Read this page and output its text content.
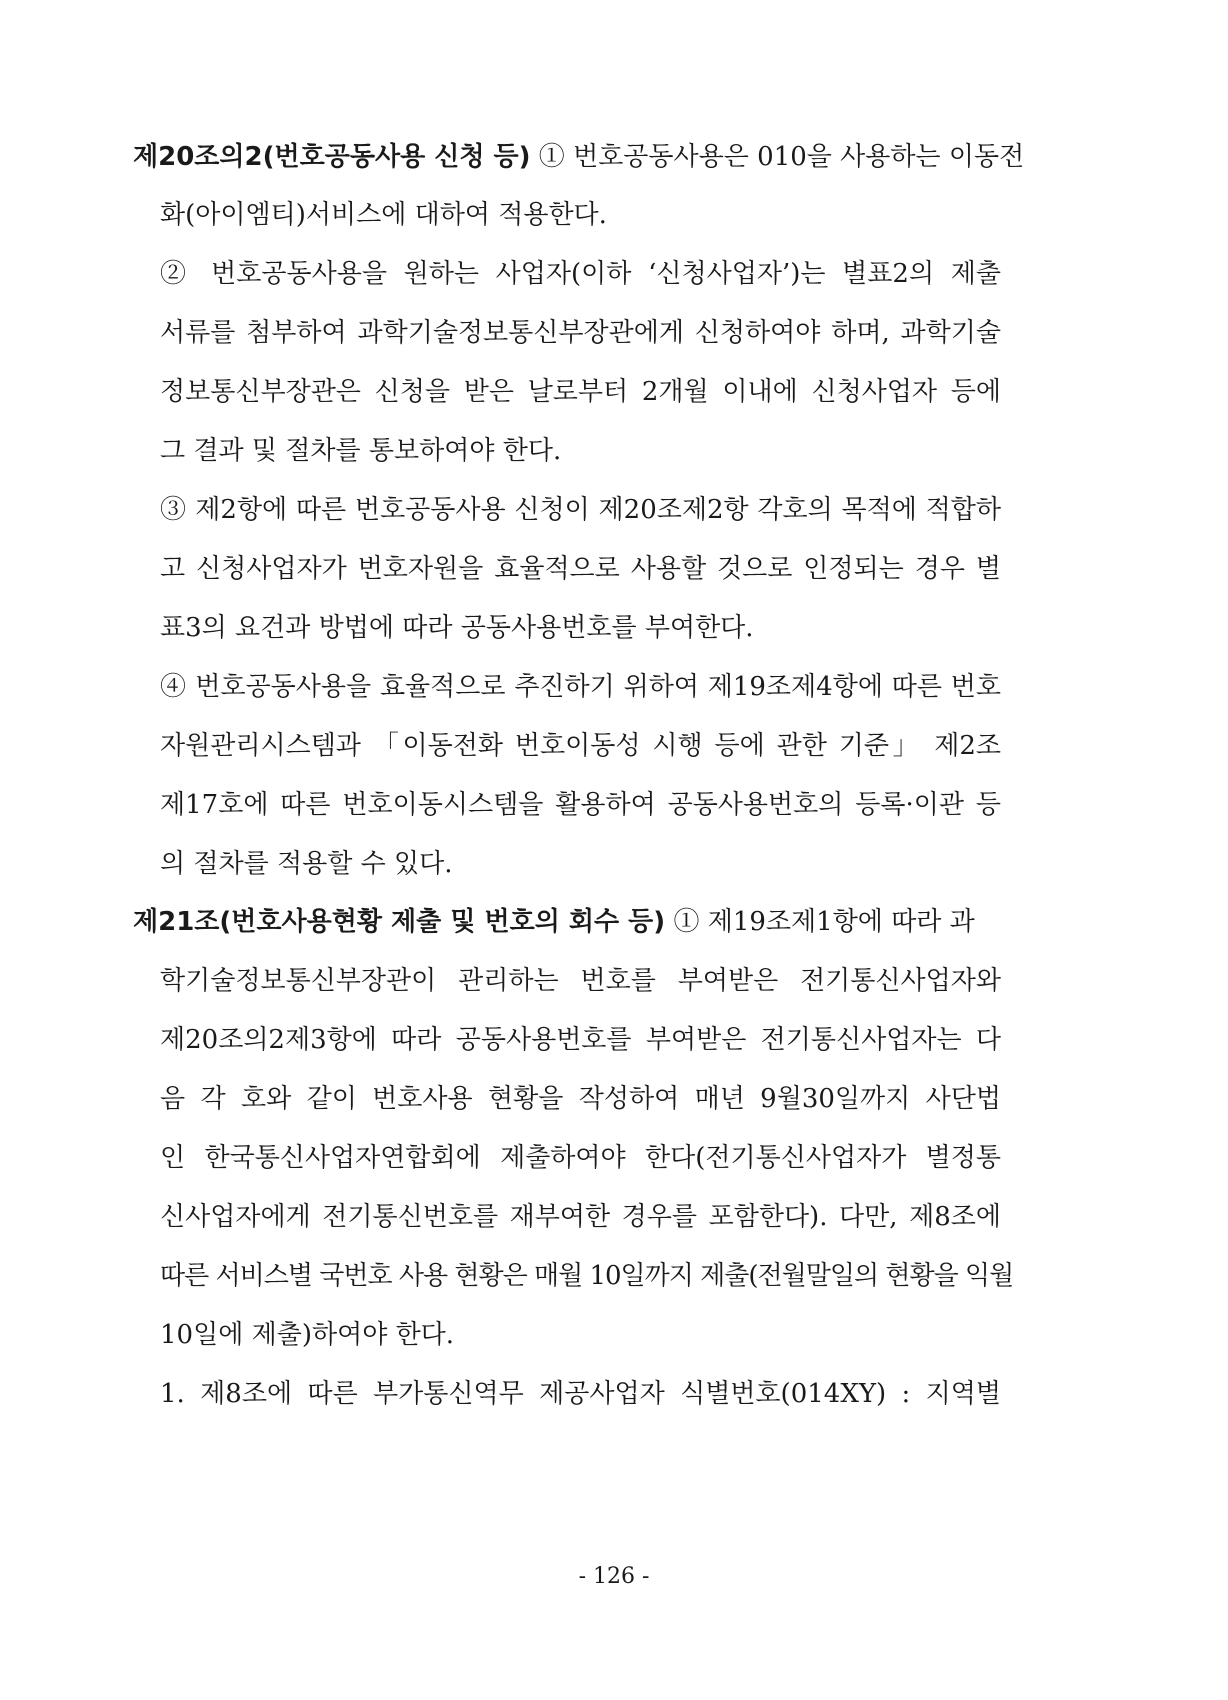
제20조의2(번호공동사용 신청 등) ① 번호공동사용은 010을 사용하는 이동전
화(아이엠티)서비스에 대하여 적용한다.
② 번호공동사용을 원하는 사업자(이하 ‘신청사업자’)는 별표2의 제출
서류를 첨부하여 과학기술정보통신부장관에게 신청하여야 하며, 과학기술
정보통신부장관은 신청을 받은 날로부터 2개월 이내에 신청사업자 등에
그 결과 및 절차를 통보하여야 한다.
③ 제2항에 따른 번호공동사용 신청이 제20조제2항 각호의 목적에 적합하
고 신청사업자가 번호자원을 효율적으로 사용할 것으로 인정되는 경우 별
표3의 요건과 방법에 따라 공동사용번호를 부여한다.
④ 번호공동사용을 효율적으로 추진하기 위하여 제19조제4항에 따른 번호
자원관리시스템과 「이동전화 번호이동성 시행 등에 관한 기준」 제2조
제17호에 따른 번호이동시스템을 활용하여 공동사용번호의 등록·이관 등
의 절차를 적용할 수 있다.
제21조(번호사용현황 제출 및 번호의 회수 등) ① 제19조제1항에 따라 과
학기술정보통신부장관이 관리하는 번호를 부여받은 전기통신사업자와
제20조의2제3항에 따라 공동사용번호를 부여받은 전기통신사업자는 다
음 각 호와 같이 번호사용 현황을 작성하여 매년 9월30일까지 사단법
인 한국통신사업자연합회에 제출하여야 한다(전기통신사업자가 별정통
신사업자에게 전기통신번호를 재부여한 경우를 포함한다). 다만, 제8조에
따른 서비스별 국번호 사용 현황은 매월 10일까지 제출(전월말일의 현황을 익월
10일에 제출)하여야 한다.
1. 제8조에 따른 부가통신역무 제공사업자 식별번호(014XY) : 지역별
- 126 -
